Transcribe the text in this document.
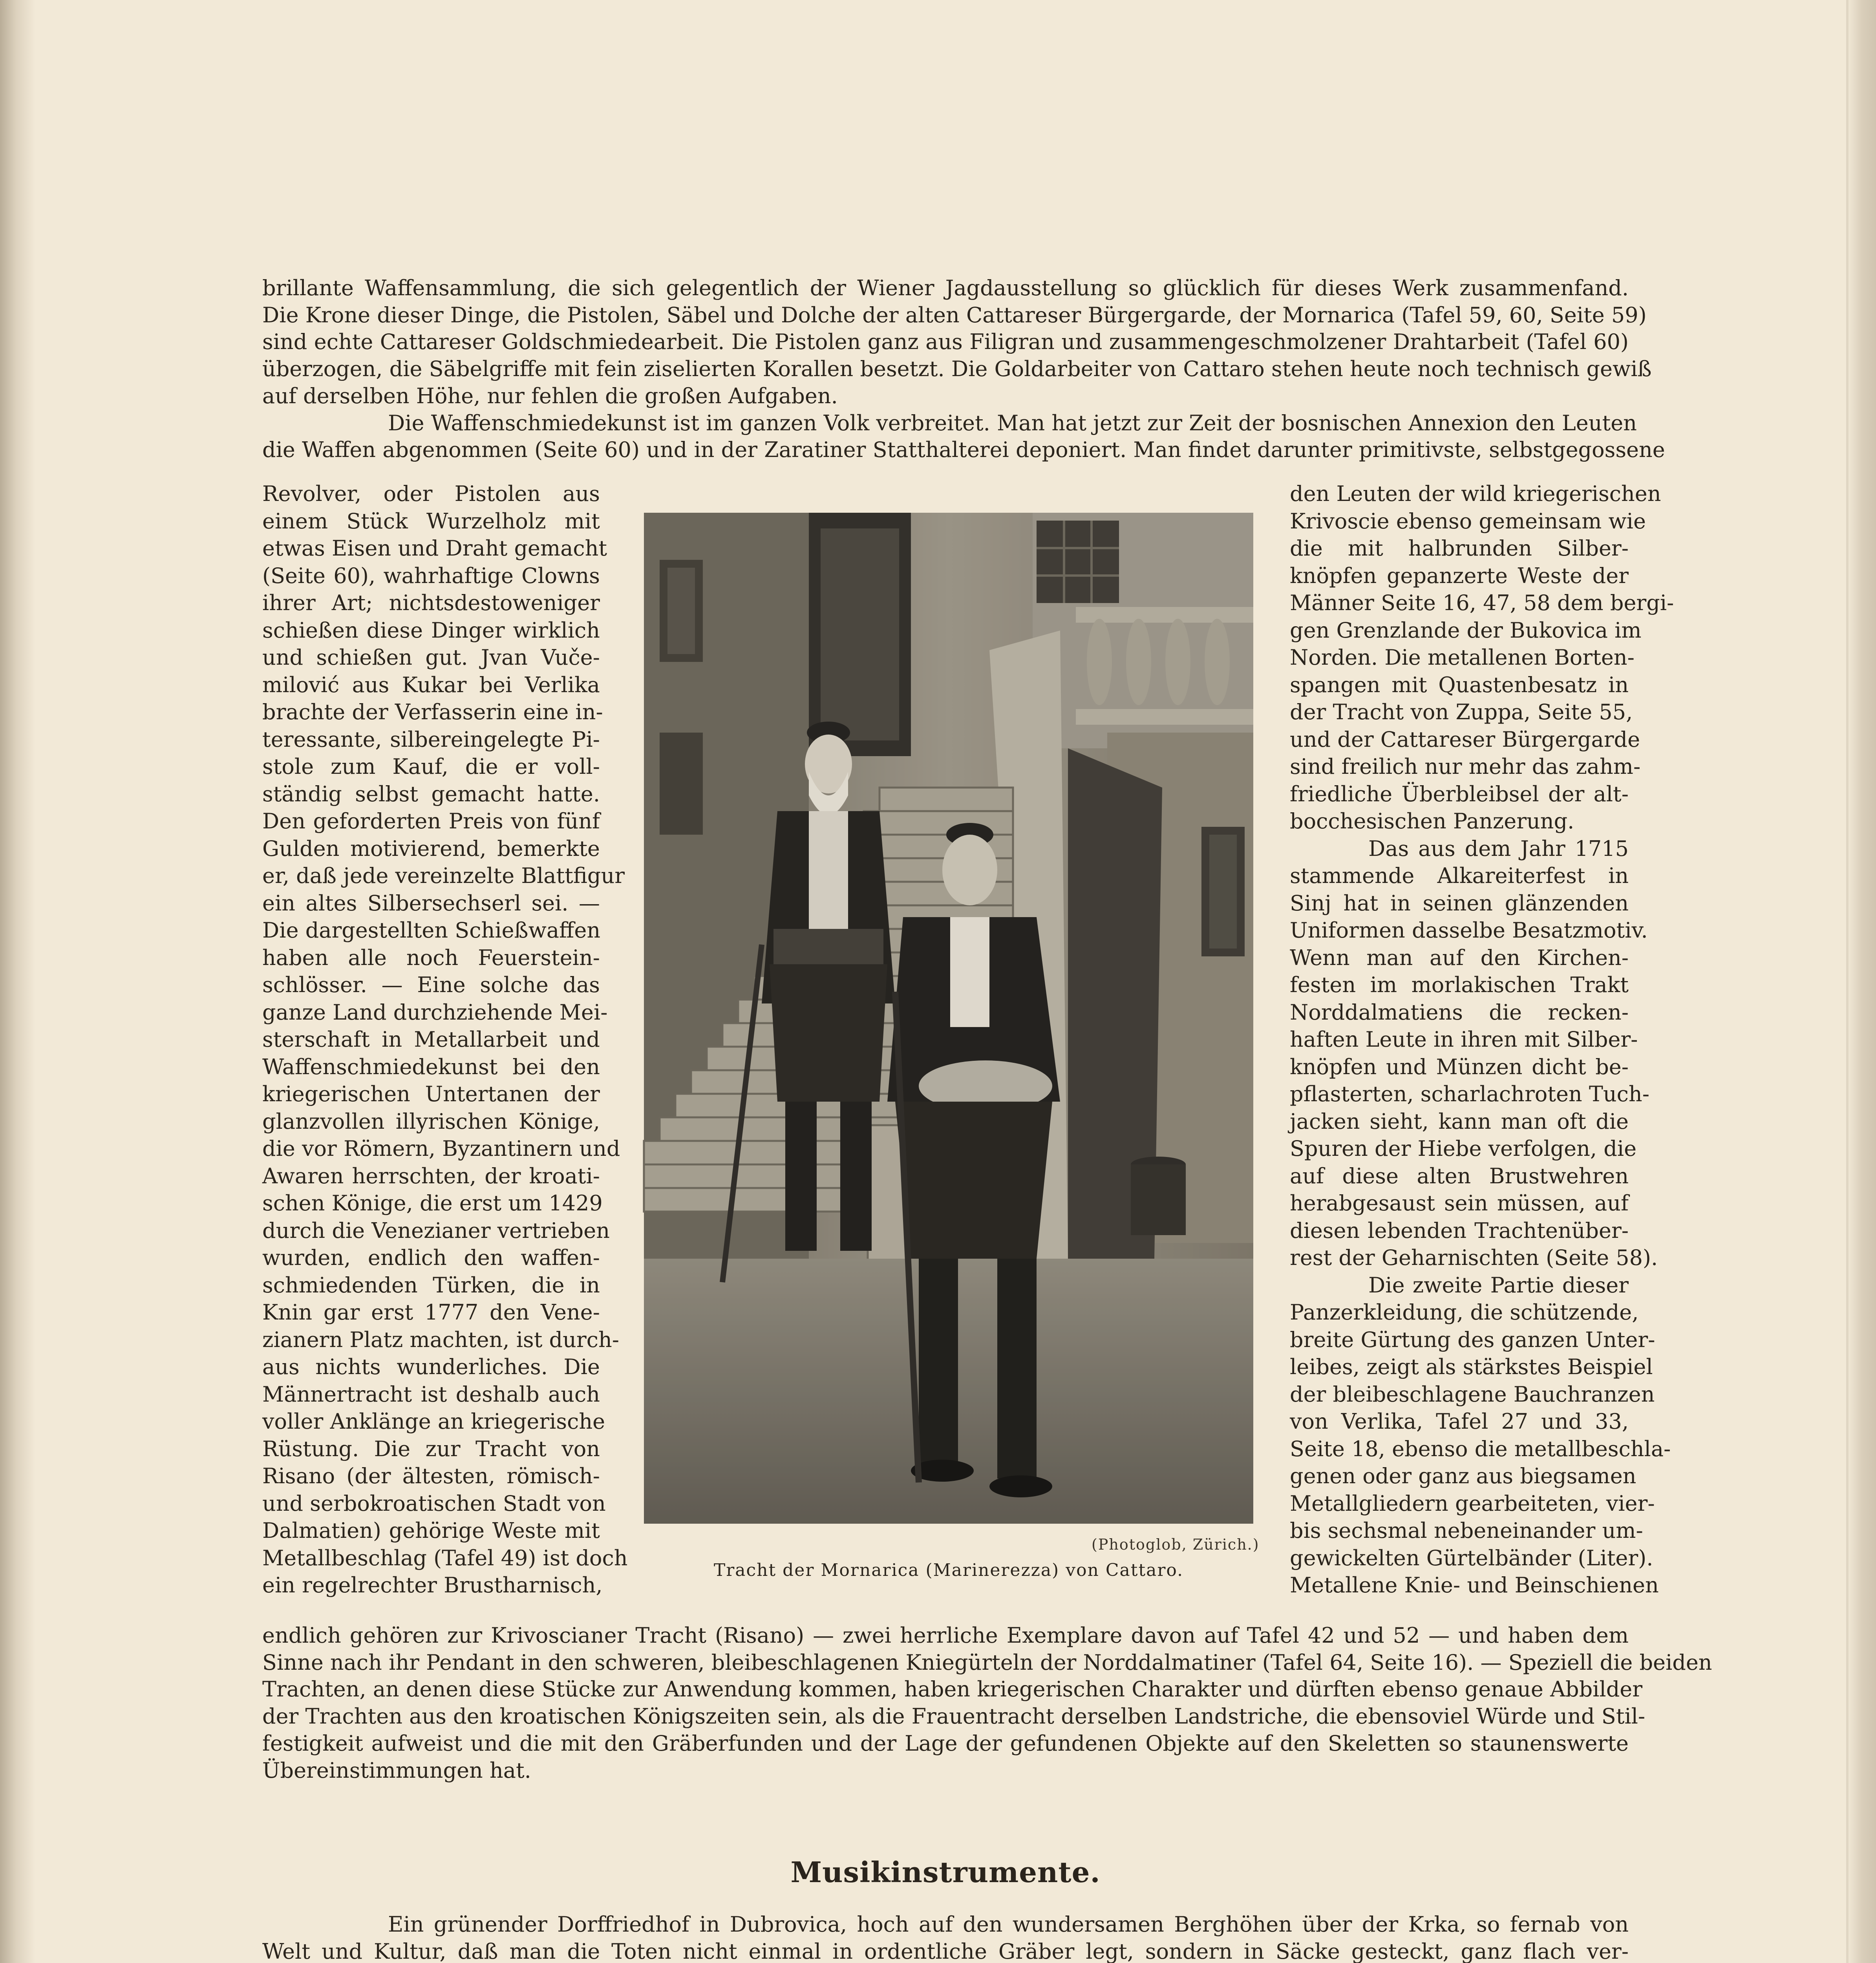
brillante Waffensammlung, die sich gelegentlich der Wiener Jagdausstellung so glücklich für dieses Werk zusammenfand.
Die Krone dieser Dinge, die Pistolen, Säbel und Dolche der alten Cattareser Bürgergarde, der Mornarica (Tafel 59, 60, Seite 59)
sind echte Cattareser Goldschmiedearbeit. Die Pistolen ganz aus Filigran und zusammengeschmolzener Drahtarbeit (Tafel 60)
überzogen, die Säbelgriffe mit fein ziselierten Korallen besetzt. Die Goldarbeiter von Cattaro stehen heute noch technisch gewiß
auf derselben Höhe, nur fehlen die großen Aufgaben.
Die Waffenschmiedekunst ist im ganzen Volk verbreitet. Man hat jetzt zur Zeit der bosnischen Annexion den Leuten
die Waffen abgenommen (Seite 60) und in der Zaratiner Statthalterei deponiert. Man findet darunter primitivste, selbstgegossene
Revolver, oder Pistolen aus
einem Stück Wurzelholz mit
etwas Eisen und Draht gemacht
(Seite 60), wahrhaftige Clowns
ihrer Art; nichtsdestoweniger
schießen diese Dinger wirklich
und schießen gut. Jvan Vuče-
milović aus Kukar bei Verlika
brachte der Verfasserin eine in-
teressante, silbereingelegte Pi-
stole zum Kauf, die er voll-
ständig selbst gemacht hatte.
Den geforderten Preis von fünf
Gulden motivierend, bemerkte
er, daß jede vereinzelte Blattfigur
ein altes Silbersechserl sei. —
Die dargestellten Schießwaffen
haben alle noch Feuerstein-
schlösser. — Eine solche das
ganze Land durchziehende Mei-
sterschaft in Metallarbeit und
Waffenschmiedekunst bei den
kriegerischen Untertanen der
glanzvollen illyrischen Könige,
die vor Römern, Byzantinern und
Awaren herrschten, der kroati-
schen Könige, die erst um 1429
durch die Venezianer vertrieben
wurden, endlich den waffen-
schmiedenden Türken, die in
Knin gar erst 1777 den Vene-
zianern Platz machten, ist durch-
aus nichts wunderliches. Die
Männertracht ist deshalb auch
voller Anklänge an kriegerische
Rüstung. Die zur Tracht von
Risano (der ältesten, römisch-
und serbokroatischen Stadt von
Dalmatien) gehörige Weste mit
Metallbeschlag (Tafel 49) ist doch
ein regelrechter Brustharnisch,
(Photoglob, Zürich.)
Tracht der Mornarica (Marinerezza) von Cattaro.
den Leuten der wild kriegerischen
Krivoscie ebenso gemeinsam wie
die mit halbrunden Silber-
knöpfen gepanzerte Weste der
Männer Seite 16, 47, 58 dem bergi-
gen Grenzlande der Bukovica im
Norden. Die metallenen Borten-
spangen mit Quastenbesatz in
der Tracht von Zuppa, Seite 55,
und der Cattareser Bürgergarde
sind freilich nur mehr das zahm-
friedliche Überbleibsel der alt-
bocchesischen Panzerung.
Das aus dem Jahr 1715
stammende Alkareiterfest in
Sinj hat in seinen glänzenden
Uniformen dasselbe Besatzmotiv.
Wenn man auf den Kirchen-
festen im morlakischen Trakt
Norddalmatiens die recken-
haften Leute in ihren mit Silber-
knöpfen und Münzen dicht be-
pflasterten, scharlachroten Tuch-
jacken sieht, kann man oft die
Spuren der Hiebe verfolgen, die
auf diese alten Brustwehren
herabgesaust sein müssen, auf
diesen lebenden Trachtenüber-
rest der Geharnischten (Seite 58).
Die zweite Partie dieser
Panzerkleidung, die schützende,
breite Gürtung des ganzen Unter-
leibes, zeigt als stärkstes Beispiel
der bleibeschlagene Bauchranzen
von Verlika, Tafel 27 und 33,
Seite 18, ebenso die metallbeschla-
genen oder ganz aus biegsamen
Metallgliedern gearbeiteten, vier-
bis sechsmal nebeneinander um-
gewickelten Gürtelbänder (Liter).
Metallene Knie- und Beinschienen
endlich gehören zur Krivoscianer Tracht (Risano) — zwei herrliche Exemplare davon auf Tafel 42 und 52 — und haben dem
Sinne nach ihr Pendant in den schweren, bleibeschlagenen Kniegürteln der Norddalmatiner (Tafel 64, Seite 16). — Speziell die beiden
Trachten, an denen diese Stücke zur Anwendung kommen, haben kriegerischen Charakter und dürften ebenso genaue Abbilder
der Trachten aus den kroatischen Königszeiten sein, als die Frauentracht derselben Landstriche, die ebensoviel Würde und Stil-
festigkeit aufweist und die mit den Gräberfunden und der Lage der gefundenen Objekte auf den Skeletten so staunenswerte
Übereinstimmungen hat.
Musikinstrumente.
Ein grünender Dorffriedhof in Dubrovica, hoch auf den wundersamen Berghöhen über der Krka, so fernab von
Welt und Kultur, daß man die Toten nicht einmal in ordentliche Gräber legt, sondern in Säcke gesteckt, ganz flach ver-
